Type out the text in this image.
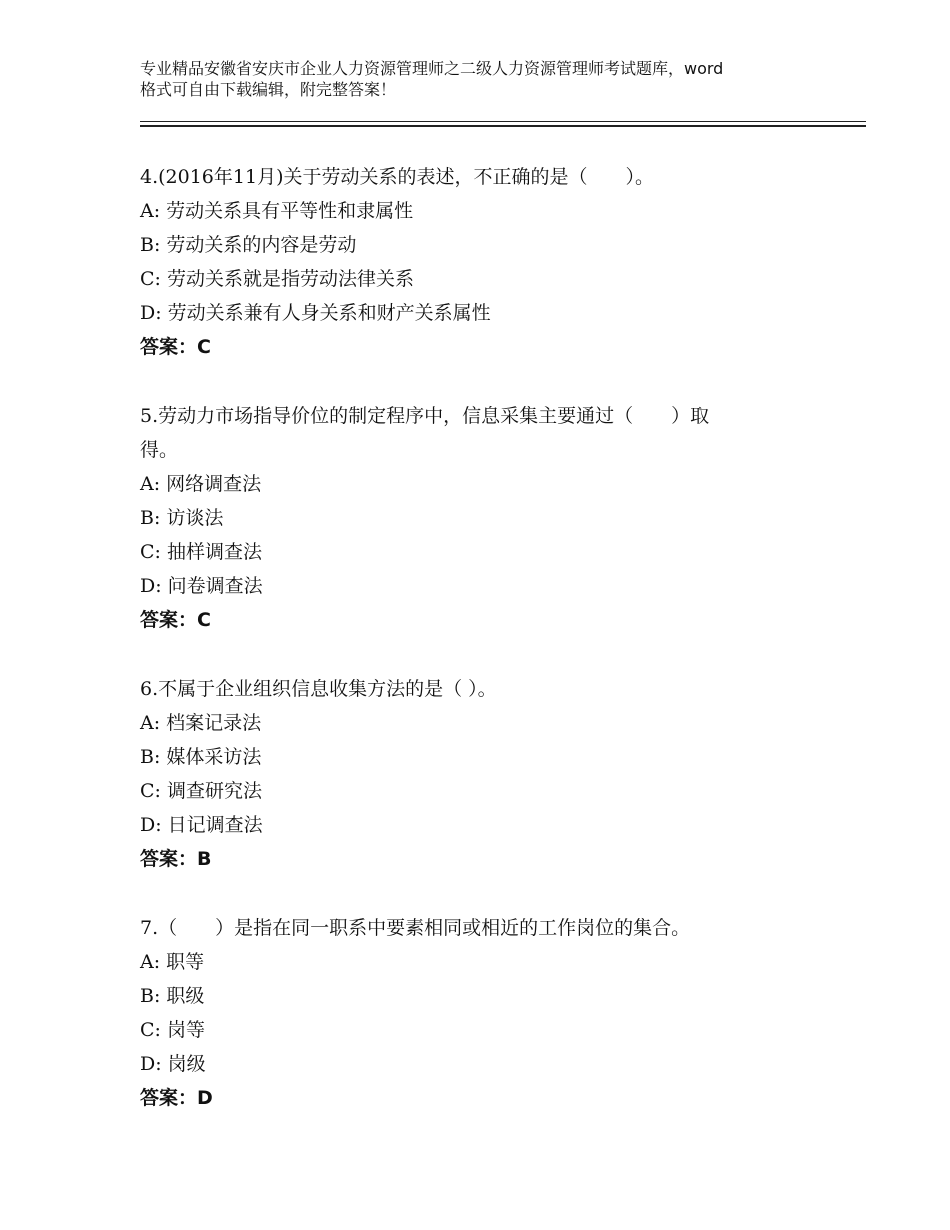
专业精品安徽省安庆市企业人力资源管理师之二级人力资源管理师考试题库，word
格式可自由下载编辑，附完整答案！
4.(2016年11月)关于劳动关系的表述，不正确的是（　　）。
A: 劳动关系具有平等性和隶属性
B: 劳动关系的内容是劳动
C: 劳动关系就是指劳动法律关系
D: 劳动关系兼有人身关系和财产关系属性
答案：C
5.劳动力市场指导价位的制定程序中，信息采集主要通过（　　）取
得。
A: 网络调查法
B: 访谈法
C: 抽样调查法
D: 问卷调查法
答案：C
6.不属于企业组织信息收集方法的是（ ）。
A: 档案记录法
B: 媒体采访法
C: 调查研究法
D: 日记调查法
答案：B
7.（　　）是指在同一职系中要素相同或相近的工作岗位的集合。
A: 职等
B: 职级
C: 岗等
D: 岗级
答案：D
